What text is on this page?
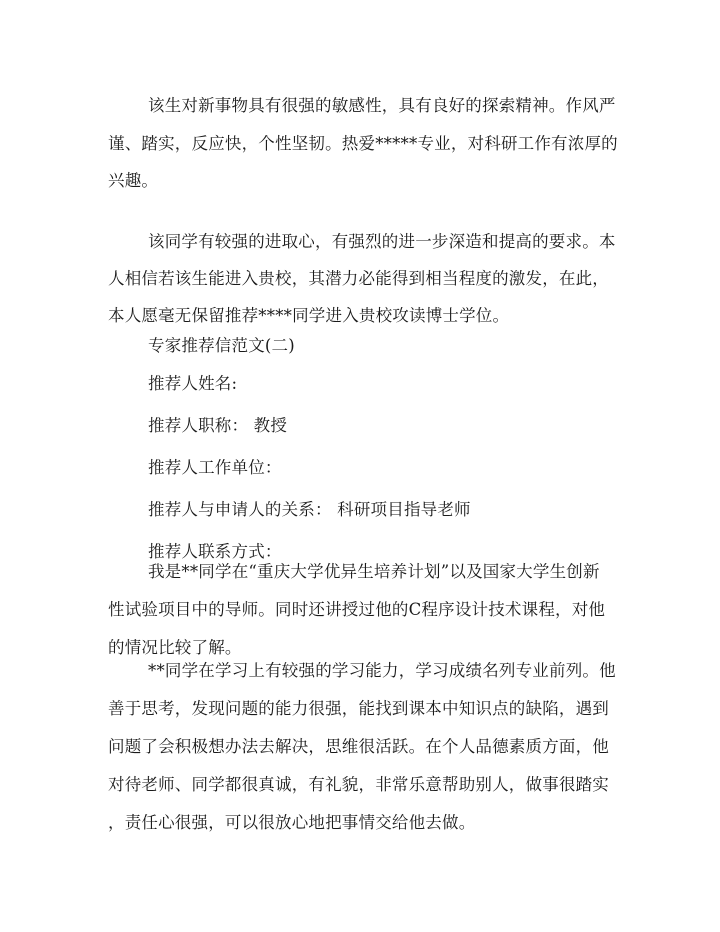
该生对新事物具有很强的敏感性，具有良好的探索精神。作风严
谨、踏实，反应快，个性坚韧。热爱*****专业，对科研工作有浓厚的
兴趣。
该同学有较强的进取心，有强烈的进一步深造和提高的要求。本
人相信若该生能进入贵校，其潜力必能得到相当程度的激发，在此，
本人愿毫无保留推荐****同学进入贵校攻读博士学位。
专家推荐信范文(二)
推荐人姓名:
推荐人职称： 教授
推荐人工作单位：
推荐人与申请人的关系： 科研项目指导老师
推荐人联系方式：
我是**同学在“重庆大学优异生培养计划”以及国家大学生创新
性试验项目中的导师。同时还讲授过他的C程序设计技术课程，对他
的情况比较了解。
**同学在学习上有较强的学习能力，学习成绩名列专业前列。他
善于思考，发现问题的能力很强，能找到课本中知识点的缺陷，遇到
问题了会积极想办法去解决，思维很活跃。在个人品德素质方面，他
对待老师、同学都很真诚，有礼貌，非常乐意帮助别人，做事很踏实
，责任心很强，可以很放心地把事情交给他去做。
